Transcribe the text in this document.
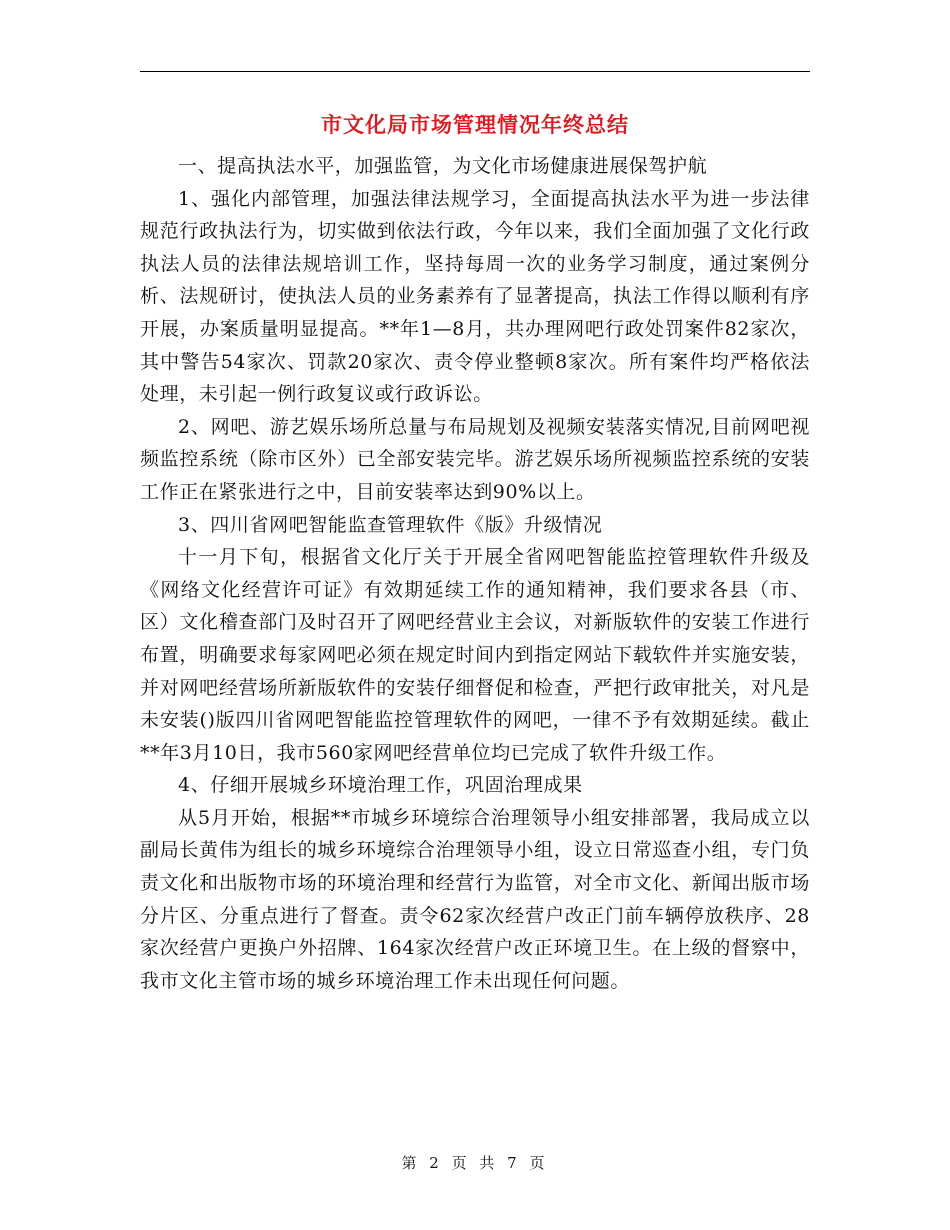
市文化局市场管理情况年终总结

一、提高执法水平，加强监管，为文化市场健康进展保驾护航

1、强化内部管理，加强法律法规学习，全面提高执法水平为进一步法律规范行政执法行为，切实做到依法行政，今年以来，我们全面加强了文化行政执法人员的法律法规培训工作，坚持每周一次的业务学习制度，通过案例分析、法规研讨，使执法人员的业务素养有了显著提高，执法工作得以顺利有序开展，办案质量明显提高。**年1—8月，共办理网吧行政处罚案件82家次，其中警告54家次、罚款20家次、责令停业整顿8家次。所有案件均严格依法处理，未引起一例行政复议或行政诉讼。

2、网吧、游艺娱乐场所总量与布局规划及视频安装落实情况,目前网吧视频监控系统（除市区外）已全部安装完毕。游艺娱乐场所视频监控系统的安装工作正在紧张进行之中，目前安装率达到90%以上。

3、四川省网吧智能监查管理软件《版》升级情况

十一月下旬，根据省文化厅关于开展全省网吧智能监控管理软件升级及《网络文化经营许可证》有效期延续工作的通知精神，我们要求各县（市、区）文化稽查部门及时召开了网吧经营业主会议，对新版软件的安装工作进行布置，明确要求每家网吧必须在规定时间内到指定网站下载软件并实施安装，并对网吧经营场所新版软件的安装仔细督促和检查，严把行政审批关，对凡是未安装()版四川省网吧智能监控管理软件的网吧，一律不予有效期延续。截止**年3月10日，我市560家网吧经营单位均已完成了软件升级工作。

4、仔细开展城乡环境治理工作，巩固治理成果

从5月开始，根据**市城乡环境综合治理领导小组安排部署，我局成立以副局长黄伟为组长的城乡环境综合治理领导小组，设立日常巡查小组，专门负责文化和出版物市场的环境治理和经营行为监管，对全市文化、新闻出版市场分片区、分重点进行了督查。责令62家次经营户改正门前车辆停放秩序、28家次经营户更换户外招牌、164家次经营户改正环境卫生。在上级的督察中，我市文化主管市场的城乡环境治理工作未出现任何问题。

第 2 页 共 7 页
